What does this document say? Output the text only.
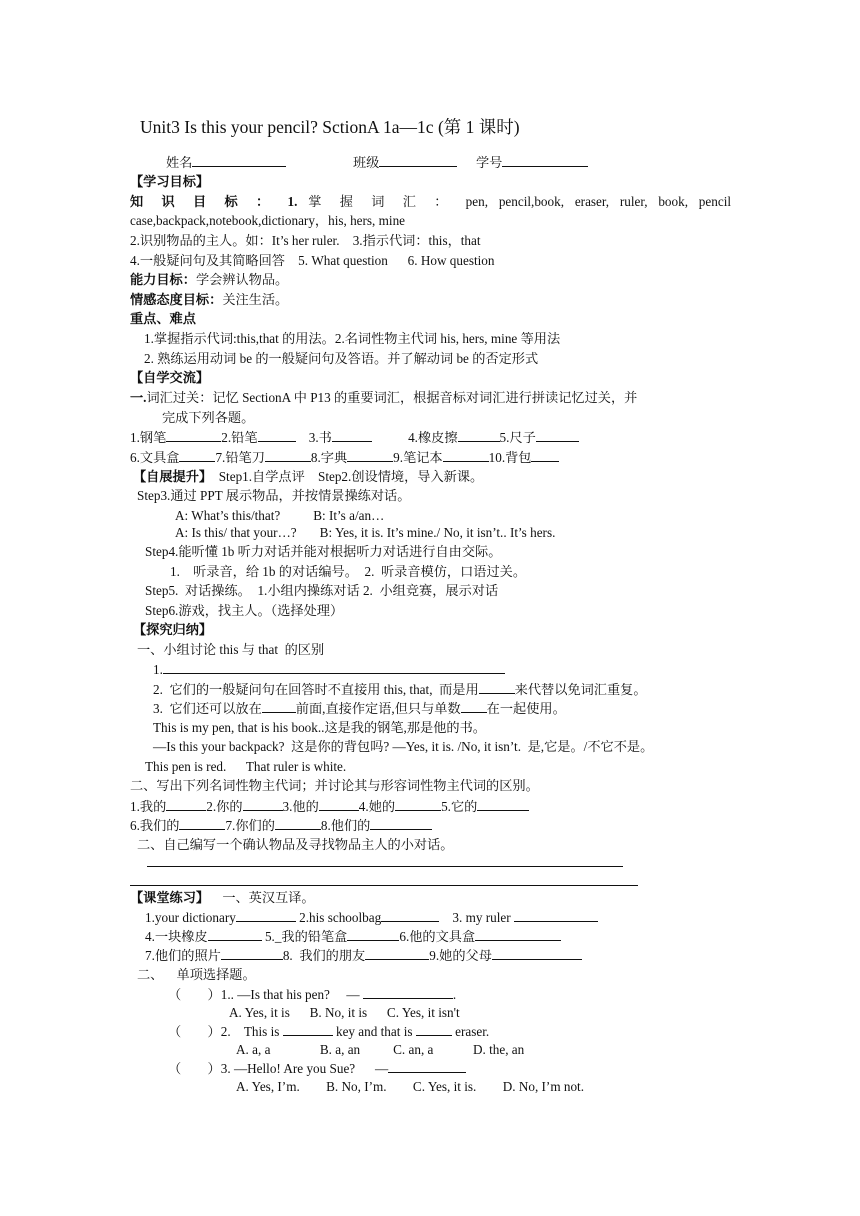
Unit3 Is this your pencil? SctionA 1a—1c (第 1 课时)
姓名	班级	学号
【学习目标】
知 识 目 标 ： 1. 掌 握 词 汇 ： pen, pencil,book, eraser, ruler, book, pencil
case,backpack,notebook,dictionary，his, hers, mine
2.识别物品的主人。如：It’s her ruler.    3.指示代词：this，that
4.一般疑问句及其简略回答    5. What question      6. How question
能力目标：学会辨认物品。
情感态度目标：关注生活。
重点、难点
1.掌握指示代词:this,that 的用法。2.名词性物主代词 his, hers, mine 等用法
2. 熟练运用动词 be 的一般疑问句及答语。并了解动词 be 的否定形式
【自学交流】
一.词汇过关：记忆 SectionA 中 P13 的重要词汇，根据音标对词汇进行拼读记忆过关，并
完成下列各题。
1.钢笔	2.铅笔	3.书	4.橡皮擦	5.尺子
6.文具盒	7.铅笔刀	8.字典	9.笔记本	10.背包
【自展提升】  Step1.自学点评    Step2.创设情境，导入新课。
Step3.通过 PPT 展示物品，并按情景操练对话。
A: What’s this/that?          B: It’s a/an…
A: Is this/ that your…?       B: Yes, it is. It’s mine./ No, it isn’t.. It’s hers.
Step4.能听懂 1b 听力对话并能对根据听力对话进行自由交际。
1.    听录音，给 1b 的对话编号。  2.  听录音模仿，口语过关。
Step5.  对话操练。  1.小组内操练对话 2.  小组竞赛，展示对话
Step6.游戏，找主人。（选择处理）
【探究归纳】
一、小组讨论 this 与 that  的区别
1.
2.  它们的一般疑问句在回答时不直接用 this, that,  而是用	来代替以免词汇重复。
3.  它们还可以放在	前面,直接作定语,但只与单数 在一起使用。
This is my pen, that is his book..这是我的钢笔,那是他的书。
—Is this your backpack?  这是你的背包吗? —Yes, it is. /No, it isn’t.  是,它是。/不它不是。
This pen is red.      That ruler is white.
二、写出下列名词性物主代词；并讨论其与形容词性物主代词的区别。
1.我的	2.你的	3.他的	4.她的	5.它的
6.我们的	7.你们的	8.他们的
二、自己编写一个确认物品及寻找物品主人的小对话。
【课堂练习】    一、英汉互译。
1.your dictionary	2.his schoolbag	3. my ruler
4.一块橡皮	5._我的铅笔盒	6.他的文具盒
7.他们的照片	8.  我们的朋友	9.她的父母
二、    单项选择题。
（        ）1.. —Is that his pen?     —	.
A. Yes, it is      B. No, it is      C. Yes, it isn't
（        ）2.    This is	key and that is	eraser.
A. a, a               B. a, an          C. an, a            D. the, an
（        ）3. —Hello! Are you Sue?      —
A. Yes, I’m.        B. No, I’m.        C. Yes, it is.        D. No, I’m not.
